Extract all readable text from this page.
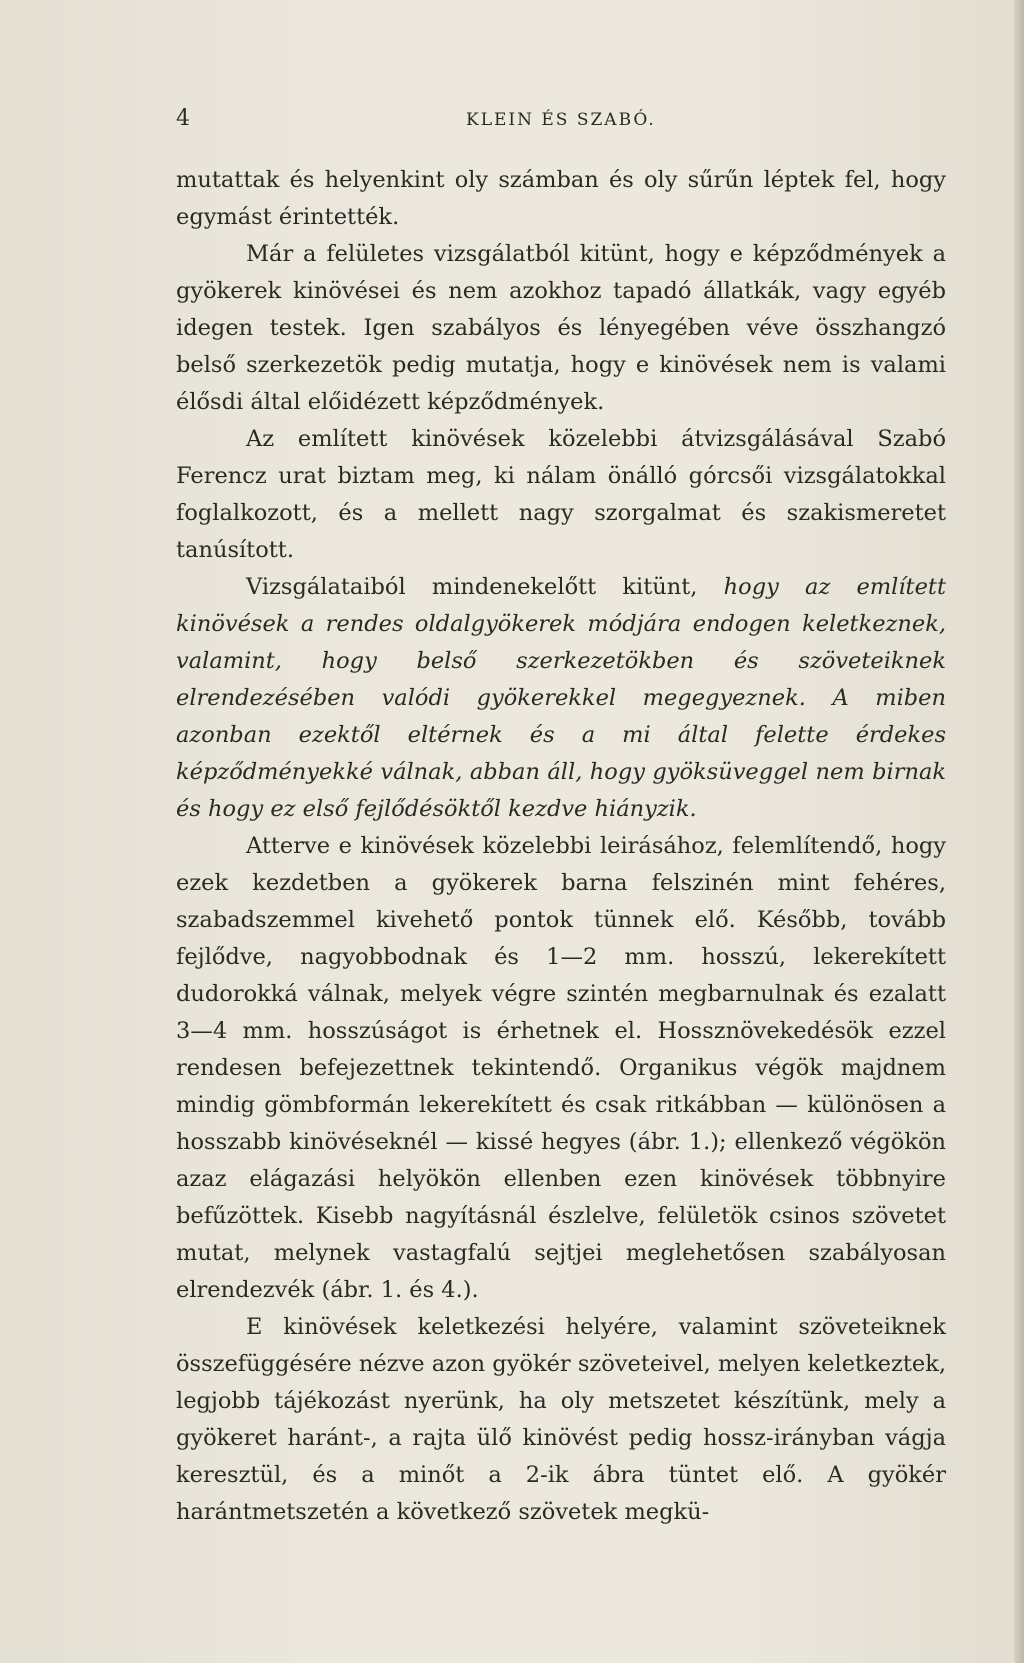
4	KLEIN ÉS SZABÓ.

mutattak és helyenkint oly számban és oly sűrűn léptek fel, hogy egymást érintették.

Már a felületes vizsgálatból kitünt, hogy e képződmények a gyökerek kinövései és nem azokhoz tapadó állatkák, vagy egyéb idegen testek. Igen szabályos és lényegében véve összhangzó belső szerkezetök pedig mutatja, hogy e kinövések nem is valami élősdi által előidézett képződmények.

Az említett kinövések közelebbi átvizsgálásával Szabó Ferencz urat biztam meg, ki nálam önálló górcsői vizsgálatokkal foglalkozott, és a mellett nagy szorgalmat és szakismeretet tanúsított.

Vizsgálataiból mindenekelőtt kitünt, hogy az említett kinövések a rendes oldalgyökerek módjára endogen keletkeznek, valamint, hogy belső szerkezetökben és szöveteiknek elrendezésében valódi gyökerekkel megegyeznek. A miben azonban ezektől eltérnek és a mi által felette érdekes képződményekké válnak, abban áll, hogy gyöksüveggel nem birnak és hogy ez első fejlődésöktől kezdve hiányzik.

Atterve e kinövések közelebbi leirásához, felemlítendő, hogy ezek kezdetben a gyökerek barna felszinén mint fehéres, szabadszemmel kivehető pontok tünnek elő. Később, tovább fejlődve, nagyobbodnak és 1—2 mm. hosszú, lekerekített dudorokká válnak, melyek végre szintén megbarnulnak és ezalatt 3—4 mm. hosszúságot is érhetnek el. Hossznövekedésök ezzel rendesen befejezettnek tekintendő. Organikus végök majdnem mindig gömbformán lekerekített és csak ritkábban — különösen a hosszabb kinövéseknél — kissé hegyes (ábr. 1.); ellenkező végökön azaz elágazási helyökön ellenben ezen kinövések többnyire befűzöttek. Kisebb nagyításnál észlelve, felületök csinos szövetet mutat, melynek vastagfalú sejtjei meglehetősen szabályosan elrendezvék (ábr. 1. és 4.).

E kinövések keletkezési helyére, valamint szöveteiknek összefüggésére nézve azon gyökér szöveteivel, melyen keletkeztek, legjobb tájékozást nyerünk, ha oly metszetet készítünk, mely a gyökeret haránt-, a rajta ülő kinövést pedig hossz-irányban vágja keresztül, és a minőt a 2-ik ábra tüntet elő. A gyökér harántmetszetén a következő szövetek megkü-
